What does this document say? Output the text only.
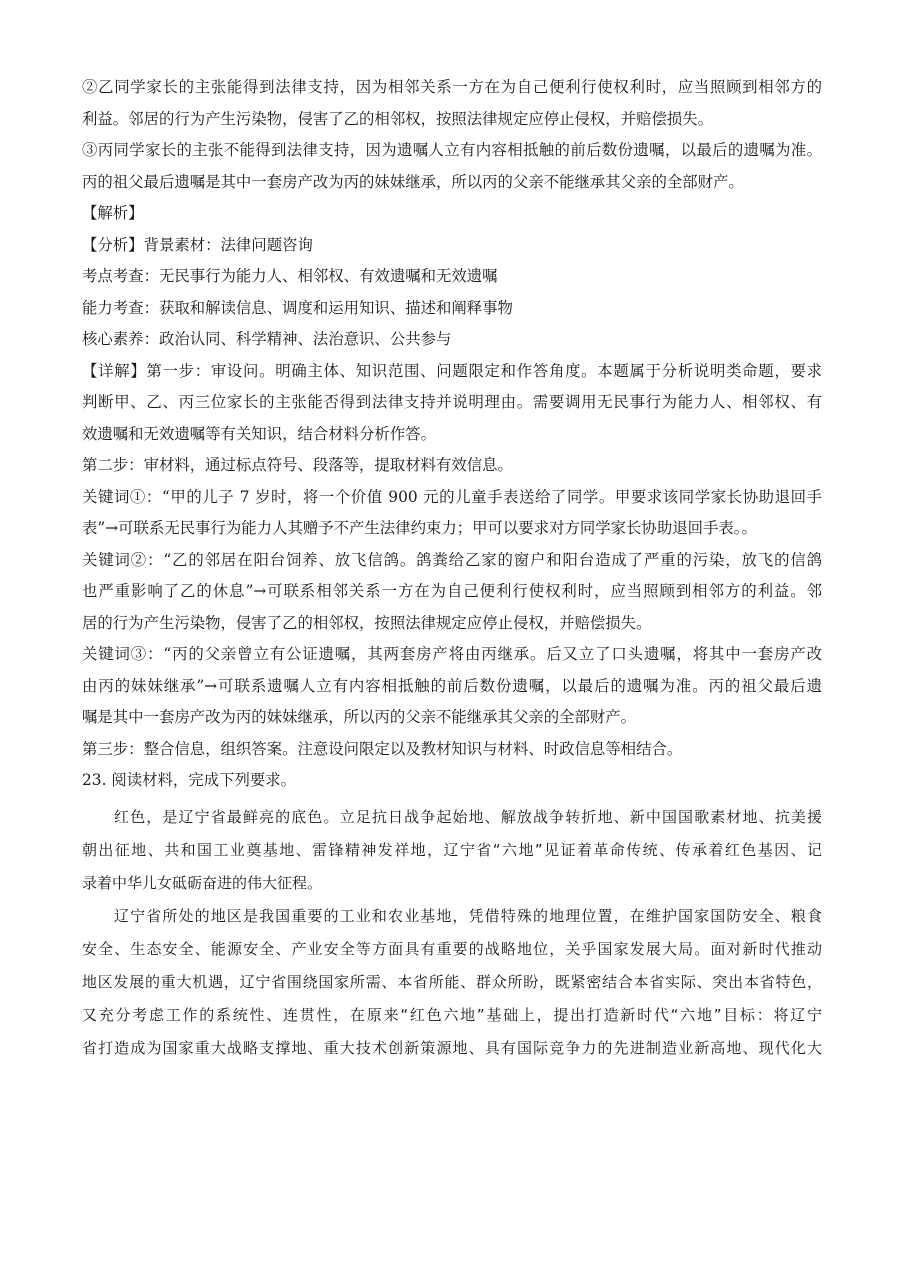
②乙同学家长的主张能得到法律支持，因为相邻关系一方在为自己便利行使权利时，应当照顾到相邻方的
利益。邻居的行为产生污染物，侵害了乙的相邻权，按照法律规定应停止侵权，并赔偿损失。
③丙同学家长的主张不能得到法律支持，因为遗嘱人立有内容相抵触的前后数份遗嘱，以最后的遗嘱为准。
丙的祖父最后遗嘱是其中一套房产改为丙的妹妹继承，所以丙的父亲不能继承其父亲的全部财产。
【解析】
【分析】背景素材：法律问题咨询
考点考查：无民事行为能力人、相邻权、有效遗嘱和无效遗嘱
能力考查：获取和解读信息、调度和运用知识、描述和阐释事物
核心素养：政治认同、科学精神、法治意识、公共参与
【详解】第一步：审设问。明确主体、知识范围、问题限定和作答角度。本题属于分析说明类命题，要求
判断甲、乙、丙三位家长的主张能否得到法律支持并说明理由。需要调用无民事行为能力人、相邻权、有
效遗嘱和无效遗嘱等有关知识，结合材料分析作答。
第二步：审材料，通过标点符号、段落等，提取材料有效信息。
关键词①：“甲的儿子 7 岁时，将一个价值 900 元的儿童手表送给了同学。甲要求该同学家长协助退回手
表”→可联系无民事行为能力人其赠予不产生法律约束力；甲可以要求对方同学家长协助退回手表。。
关键词②：“乙的邻居在阳台饲养、放飞信鸽。鸽粪给乙家的窗户和阳台造成了严重的污染，放飞的信鸽
也严重影响了乙的休息”→可联系相邻关系一方在为自己便利行使权利时，应当照顾到相邻方的利益。邻
居的行为产生污染物，侵害了乙的相邻权，按照法律规定应停止侵权，并赔偿损失。
关键词③：“丙的父亲曾立有公证遗嘱，其两套房产将由丙继承。后又立了口头遗嘱，将其中一套房产改
由丙的妹妹继承”→可联系遗嘱人立有内容相抵触的前后数份遗嘱，以最后的遗嘱为准。丙的祖父最后遗
嘱是其中一套房产改为丙的妹妹继承，所以丙的父亲不能继承其父亲的全部财产。
第三步：整合信息，组织答案。注意设问限定以及教材知识与材料、时政信息等相结合。
23. 阅读材料，完成下列要求。
红色，是辽宁省最鲜亮的底色。立足抗日战争起始地、解放战争转折地、新中国国歌素材地、抗美援
朝出征地、共和国工业奠基地、雷锋精神发祥地，辽宁省“六地”见证着革命传统、传承着红色基因、记
录着中华儿女砥砺奋进的伟大征程。
辽宁省所处的地区是我国重要的工业和农业基地，凭借特殊的地理位置，在维护国家国防安全、粮食
安全、生态安全、能源安全、产业安全等方面具有重要的战略地位，关乎国家发展大局。面对新时代推动
地区发展的重大机遇，辽宁省围绕国家所需、本省所能、群众所盼，既紧密结合本省实际、突出本省特色，
又充分考虑工作的系统性、连贯性，在原来“红色六地”基础上，提出打造新时代“六地”目标：将辽宁
省打造成为国家重大战略支撑地、重大技术创新策源地、具有国际竞争力的先进制造业新高地、现代化大
